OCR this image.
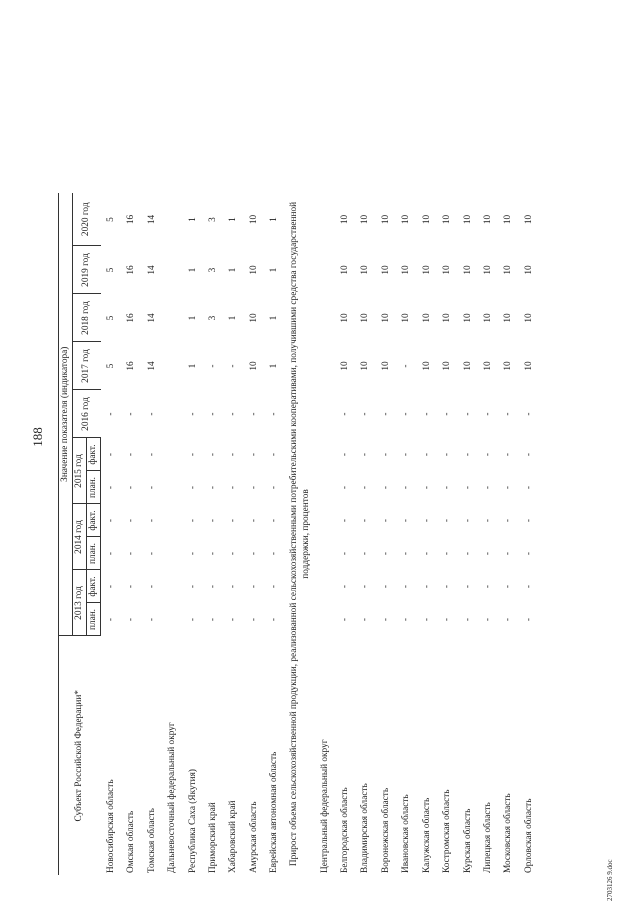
188
Субъект Российской Федерации*	Значение показателя (индикатора)										
	2013 год		2014 год		2015 год		2016 год	2017 год	2018 год	2019 год	2020 год
	план.	факт.	план.	факт.	план.	факт.					
Новосибирская область	-	-	-	-	-	-	-	5	5	5	5
Омская область	-	-	-	-	-	-	-	16	16	16	16
Томская область	-	-	-	-	-	-	-	14	14	14	14
Дальневосточный федеральный округ											
Республика Саха (Якутия)	-	-	-	-	-	-	-	1	1	1	1
Приморский край	-	-	-	-	-	-	-	-	3	3	3
Хабаровский край	-	-	-	-	-	-	-	-	1	1	1
Амурская область	-	-	-	-	-	-	-	10	10	10	10
Еврейская автономная область	-	-	-	-	-	-	-	1	1	1	1
Прирост объема сельскохозяйственной продукции, реализованной сельскохозяйственными потребительскими кооперативами, получившими средства государственной поддержки, процентов											
Центральный федеральный округ											
Белгородская область	-	-	-	-	-	-	-	10	10	10	10
Владимирская область	-	-	-	-	-	-	-	10	10	10	10
Воронежская область	-	-	-	-	-	-	-	10	10	10	10
Ивановская область	-	-	-	-	-	-	-	-	10	10	10
Калужская область	-	-	-	-	-	-	-	10	10	10	10
Костромская область	-	-	-	-	-	-	-	10	10	10	10
Курская область	-	-	-	-	-	-	-	10	10	10	10
Липецкая область	-	-	-	-	-	-	-	10	10	10	10
Московская область	-	-	-	-	-	-	-	10	10	10	10
Орловская область	-	-	-	-	-	-	-	10	10	10	10
2703126 9.doc
